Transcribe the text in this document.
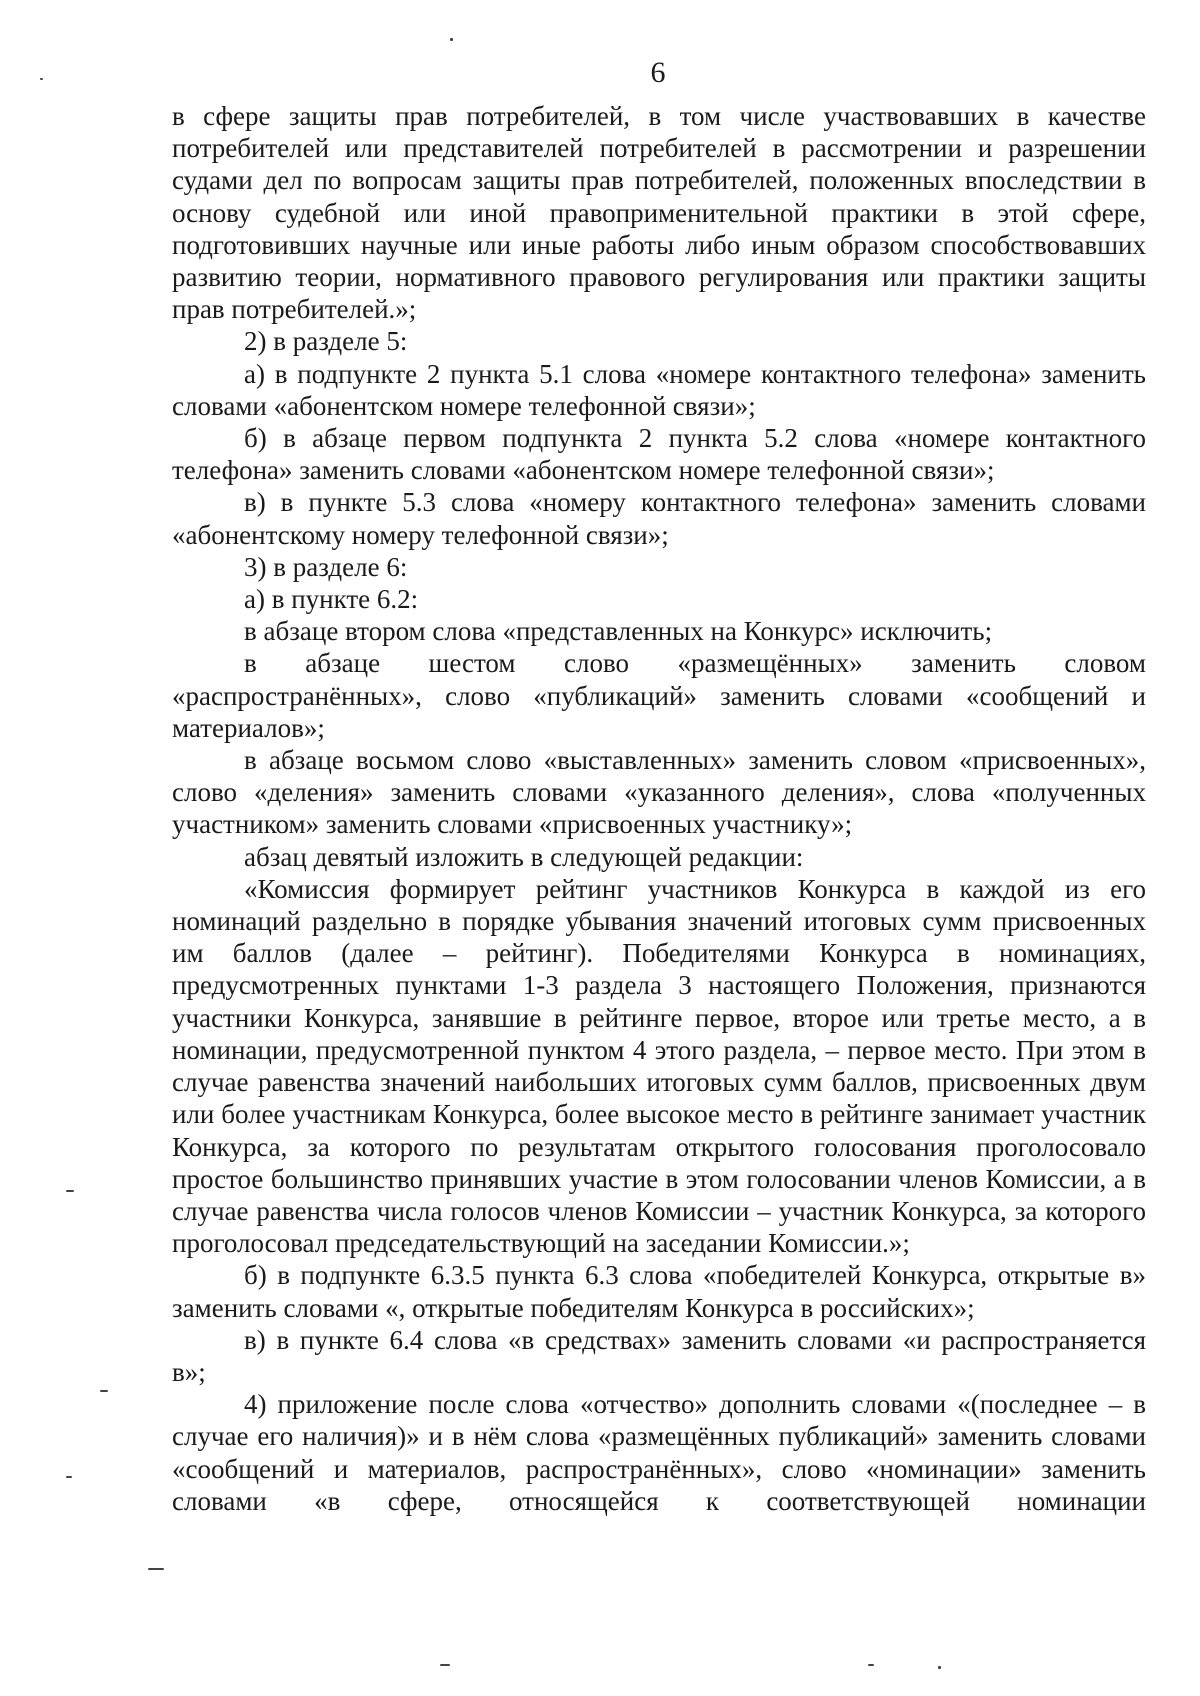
6

в сфере защиты прав потребителей, в том числе участвовавших в качестве потребителей или представителей потребителей в рассмотрении и разрешении судами дел по вопросам защиты прав потребителей, положенных впоследствии в основу судебной или иной правоприменительной практики в этой сфере, подготовивших научные или иные работы либо иным образом способствовавших развитию теории, нормативного правового регулирования или практики защиты прав потребителей.»;

2) в разделе 5:

а) в подпункте 2 пункта 5.1 слова «номере контактного телефона» заменить словами «абонентском номере телефонной связи»;

б) в абзаце первом подпункта 2 пункта 5.2 слова «номере контактного телефона» заменить словами «абонентском номере телефонной связи»;

в) в пункте 5.3 слова «номеру контактного телефона» заменить словами «абонентскому номеру телефонной связи»;

3) в разделе 6:

а) в пункте 6.2:

в абзаце втором слова «представленных на Конкурс» исключить;

в абзаце шестом слово «размещённых» заменить словом «распространённых», слово «публикаций» заменить словами «сообщений и материалов»;

в абзаце восьмом слово «выставленных» заменить словом «присвоенных», слово «деления» заменить словами «указанного деления», слова «полученных участником» заменить словами «присвоенных участнику»;

абзац девятый изложить в следующей редакции:

«Комиссия формирует рейтинг участников Конкурса в каждой из его номинаций раздельно в порядке убывания значений итоговых сумм присвоенных им баллов (далее – рейтинг). Победителями Конкурса в номинациях, предусмотренных пунктами 1-3 раздела 3 настоящего Положения, признаются участники Конкурса, занявшие в рейтинге первое, второе или третье место, а в номинации, предусмотренной пунктом 4 этого раздела, – первое место. При этом в случае равенства значений наибольших итоговых сумм баллов, присвоенных двум или более участникам Конкурса, более высокое место в рейтинге занимает участник Конкурса, за которого по результатам открытого голосования проголосовало простое большинство принявших участие в этом голосовании членов Комиссии, а в случае равенства числа голосов членов Комиссии – участник Конкурса, за которого проголосовал председательствующий на заседании Комиссии.»;

б) в подпункте 6.3.5 пункта 6.3 слова «победителей Конкурса, открытые в» заменить словами «, открытые победителям Конкурса в российских»;

в) в пункте 6.4 слова «в средствах» заменить словами «и распространяется в»;

4) приложение после слова «отчество» дополнить словами «(последнее – в случае его наличия)» и в нём слова «размещённых публикаций» заменить словами «сообщений и материалов, распространённых», слово «номинации» заменить словами «в сфере, относящейся к соответствующей номинации
